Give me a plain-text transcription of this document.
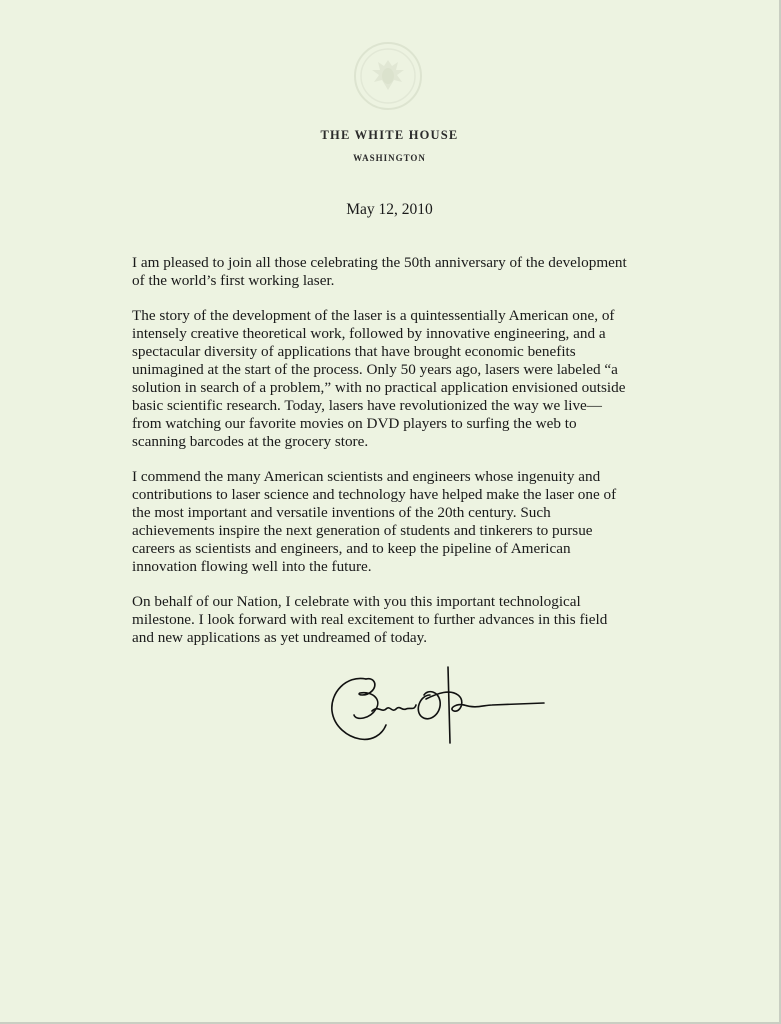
THE WHITE HOUSE
WASHINGTON
May 12, 2010

I am pleased to join all those celebrating the 50th anniversary of the development
of the world’s first working laser.

The story of the development of the laser is a quintessentially American one, of
intensely creative theoretical work, followed by innovative engineering, and a
spectacular diversity of applications that have brought economic benefits
unimagined at the start of the process. Only 50 years ago, lasers were labeled “a
solution in search of a problem,” with no practical application envisioned outside
basic scientific research. Today, lasers have revolutionized the way we live—
from watching our favorite movies on DVD players to surfing the web to
scanning barcodes at the grocery store.

I commend the many American scientists and engineers whose ingenuity and
contributions to laser science and technology have helped make the laser one of
the most important and versatile inventions of the 20th century. Such
achievements inspire the next generation of students and tinkerers to pursue
careers as scientists and engineers, and to keep the pipeline of American
innovation flowing well into the future.

On behalf of our Nation, I celebrate with you this important technological
milestone. I look forward with real excitement to further advances in this field
and new applications as yet undreamed of today.
